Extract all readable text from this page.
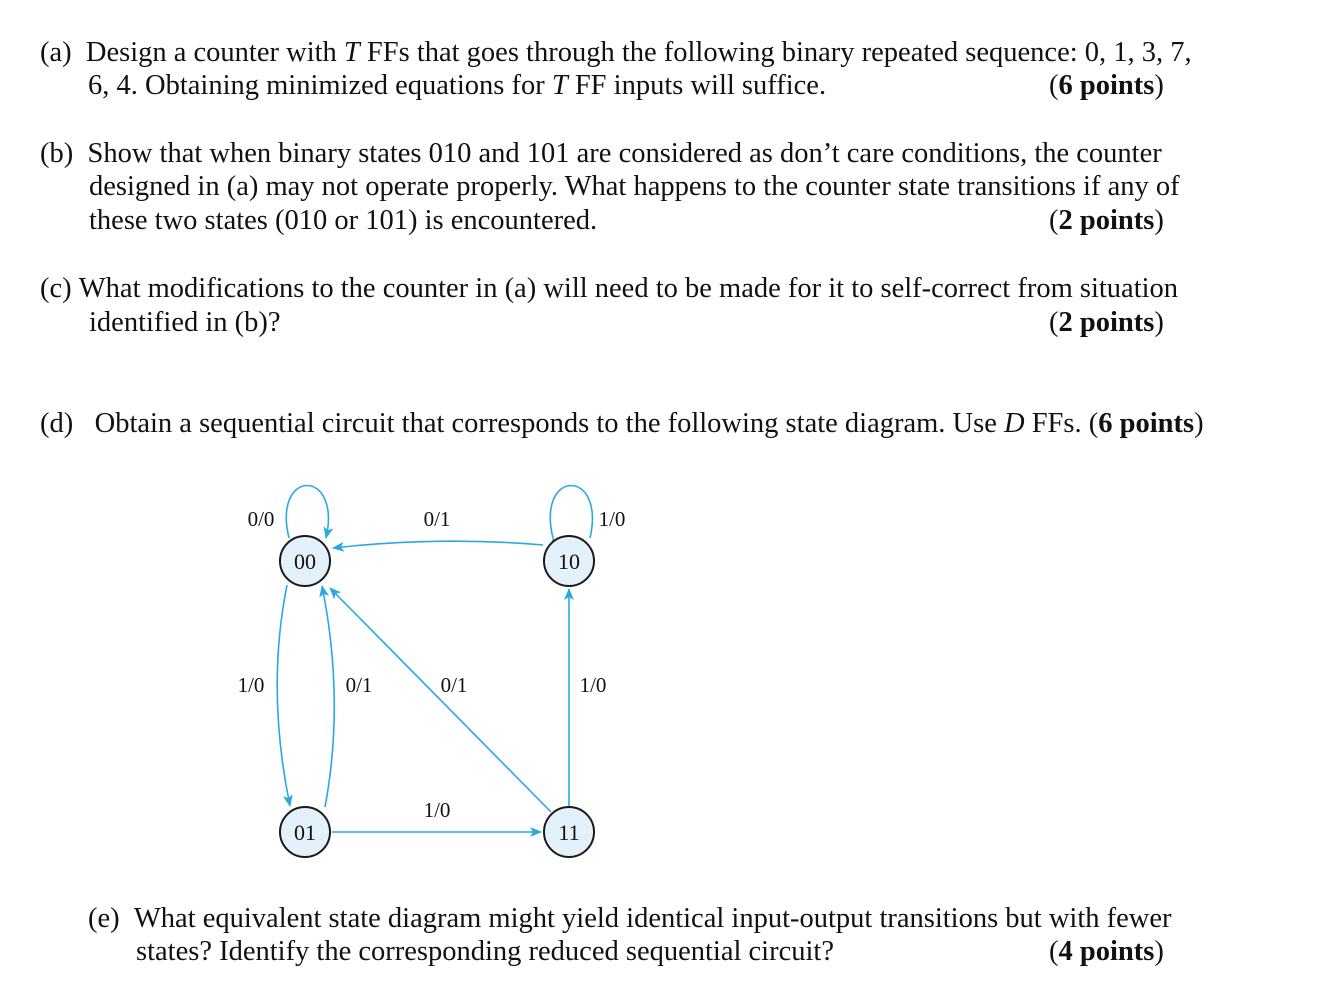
(a) Design a counter with T FFs that goes through the following binary repeated sequence: 0, 1, 3, 7,
6, 4. Obtaining minimized equations for T FF inputs will suffice.	(6 points)
(b) Show that when binary states 010 and 101 are considered as don’t care conditions, the counter
designed in (a) may not operate properly. What happens to the counter state transitions if any of
these two states (010 or 101) is encountered.	(2 points)
(c) What modifications to the counter in (a) will need to be made for it to self-correct from situation
identified in (b)?	(2 points)
(d) Obtain a sequential circuit that corresponds to the following state diagram. Use D FFs. (6 points)
00	10
01	11
0/0	0/1	1/0
1/0	0/1	0/1	1/0
1/0
(e) What equivalent state diagram might yield identical input-output transitions but with fewer
states? Identify the corresponding reduced sequential circuit?	(4 points)
